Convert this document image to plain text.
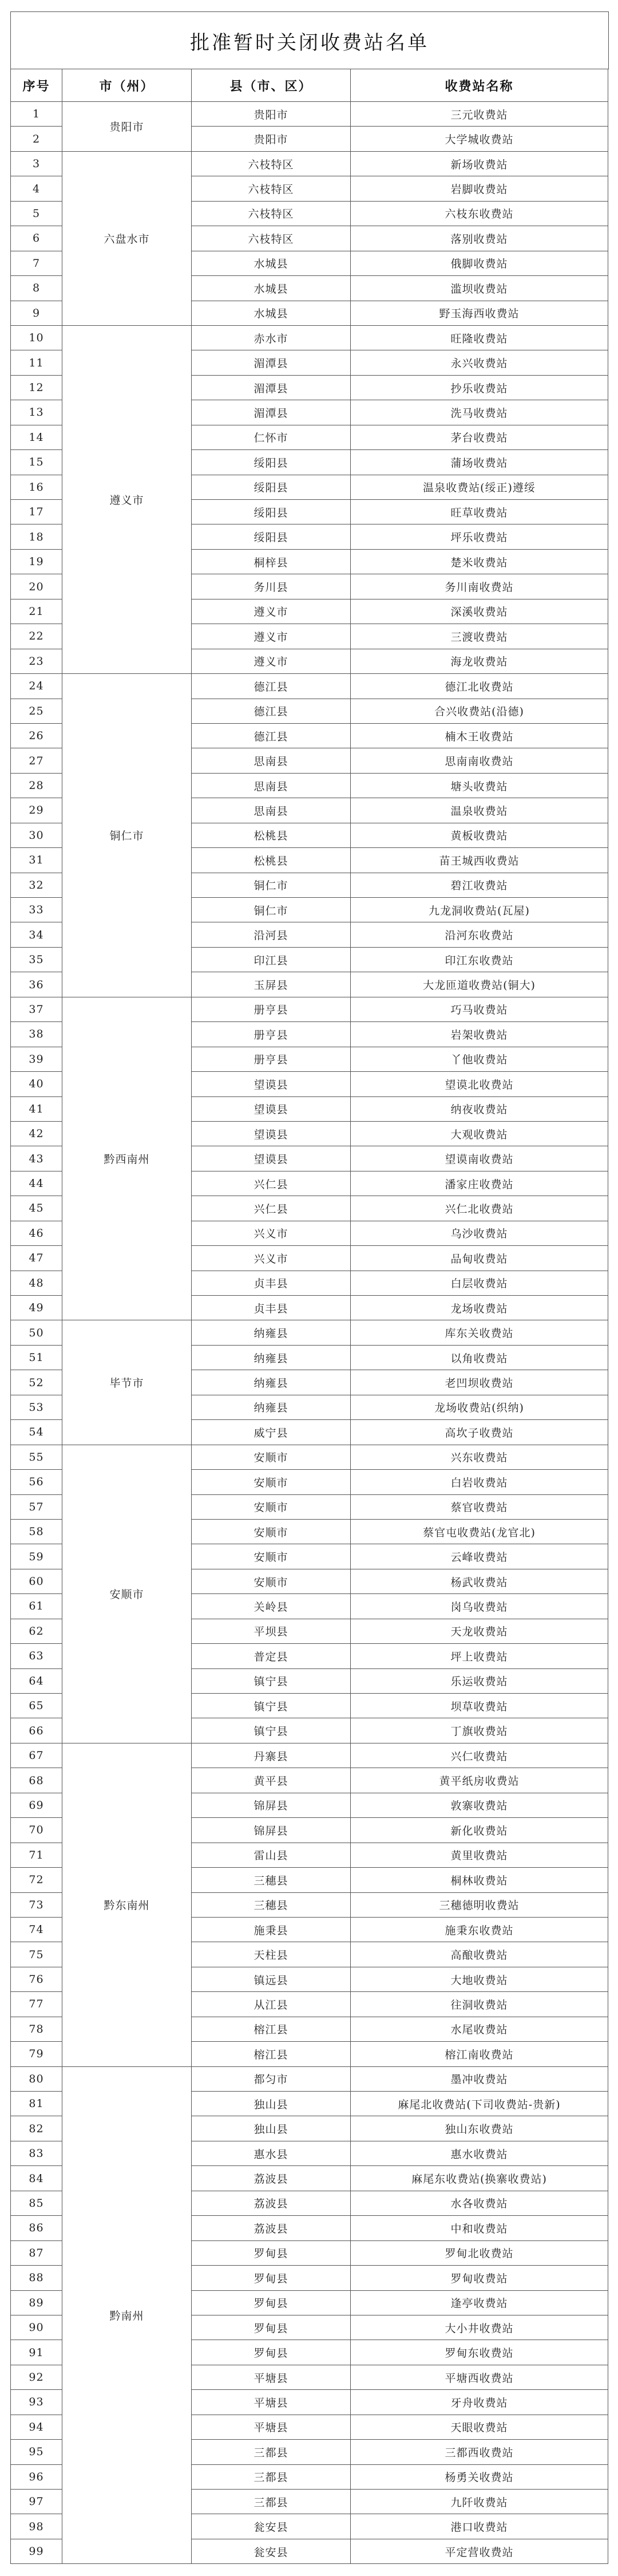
批准暂时关闭收费站名单
序号	市（州）	县（市、区）	收费站名称
1	贵阳市	贵阳市	三元收费站
2		贵阳市	大学城收费站
3	六盘水市	六枝特区	新场收费站
4		六枝特区	岩脚收费站
5		六枝特区	六枝东收费站
6		六枝特区	落别收费站
7		水城县	俄脚收费站
8		水城县	滥坝收费站
9		水城县	野玉海西收费站
10	遵义市	赤水市	旺隆收费站
11		湄潭县	永兴收费站
12		湄潭县	抄乐收费站
13		湄潭县	洗马收费站
14		仁怀市	茅台收费站
15		绥阳县	蒲场收费站
16		绥阳县	温泉收费站(绥正)遵绥
17		绥阳县	旺草收费站
18		绥阳县	坪乐收费站
19		桐梓县	楚米收费站
20		务川县	务川南收费站
21		遵义市	深溪收费站
22		遵义市	三渡收费站
23		遵义市	海龙收费站
24	铜仁市	德江县	德江北收费站
25		德江县	合兴收费站(沿德)
26		德江县	楠木王收费站
27		思南县	思南南收费站
28		思南县	塘头收费站
29		思南县	温泉收费站
30		松桃县	黄板收费站
31		松桃县	苗王城西收费站
32		铜仁市	碧江收费站
33		铜仁市	九龙洞收费站(瓦屋)
34		沿河县	沿河东收费站
35		印江县	印江东收费站
36		玉屏县	大龙匝道收费站(铜大)
37	黔西南州	册亨县	巧马收费站
38		册亨县	岩架收费站
39		册亨县	丫他收费站
40		望谟县	望谟北收费站
41		望谟县	纳夜收费站
42		望谟县	大观收费站
43		望谟县	望谟南收费站
44		兴仁县	潘家庄收费站
45		兴仁县	兴仁北收费站
46		兴义市	乌沙收费站
47		兴义市	品甸收费站
48		贞丰县	白层收费站
49		贞丰县	龙场收费站
50	毕节市	纳雍县	库东关收费站
51		纳雍县	以角收费站
52		纳雍县	老凹坝收费站
53		纳雍县	龙场收费站(织纳)
54		威宁县	高坎子收费站
55	安顺市	安顺市	兴东收费站
56		安顺市	白岩收费站
57		安顺市	蔡官收费站
58		安顺市	蔡官屯收费站(龙官北)
59		安顺市	云峰收费站
60		安顺市	杨武收费站
61		关岭县	岗乌收费站
62		平坝县	天龙收费站
63		普定县	坪上收费站
64		镇宁县	乐运收费站
65		镇宁县	坝草收费站
66		镇宁县	丁旗收费站
67	黔东南州	丹寨县	兴仁收费站
68		黄平县	黄平纸房收费站
69		锦屏县	敦寨收费站
70		锦屏县	新化收费站
71		雷山县	黄里收费站
72		三穗县	桐林收费站
73		三穗县	三穗德明收费站
74		施秉县	施秉东收费站
75		天柱县	高酿收费站
76		镇远县	大地收费站
77		从江县	往洞收费站
78		榕江县	水尾收费站
79		榕江县	榕江南收费站
80	黔南州	都匀市	墨冲收费站
81		独山县	麻尾北收费站(下司收费站-贵新)
82		独山县	独山东收费站
83		惠水县	惠水收费站
84		荔波县	麻尾东收费站(换寨收费站)
85		荔波县	水各收费站
86		荔波县	中和收费站
87		罗甸县	罗甸北收费站
88		罗甸县	罗甸收费站
89		罗甸县	逢亭收费站
90		罗甸县	大小井收费站
91		罗甸县	罗甸东收费站
92		平塘县	平塘西收费站
93		平塘县	牙舟收费站
94		平塘县	天眼收费站
95		三都县	三都西收费站
96		三都县	杨勇关收费站
97		三都县	九阡收费站
98		瓮安县	港口收费站
99		瓮安县	平定营收费站
